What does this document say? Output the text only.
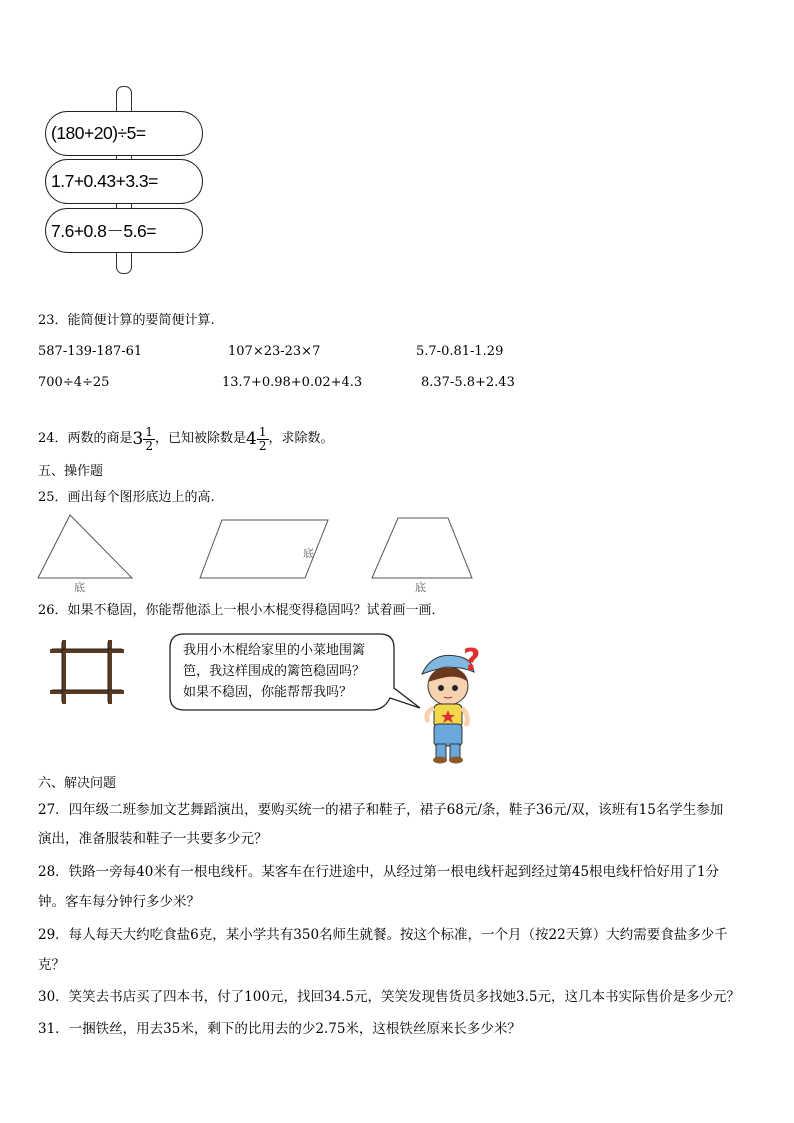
(180+20)÷5=
1.7+0.43+3.3=
7.6+0.8－5.6=
23．能简便计算的要简便计算.
587-139-187-61	107×23-23×7	5.7-0.81-1.29
700÷4÷25	13.7+0.98+0.02+4.3	8.37-5.8+2.43
24．两数的商是$3 \frac{1}{2}$ ，已知被除数是$4 \frac{1}{2}$ ，求除数。
五、操作题
25．画出每个图形底边上的高.
底
底
底
26．如果不稳固，你能帮他添上一根小木棍变得稳固吗？试着画一画．
我用小木棍给家里的小菜地围篱
笆，我这样围成的篱笆稳固吗？
如果不稳固，你能帮帮我吗？
?
六、解决问题
27．四年级二班参加文艺舞蹈演出，要购买统一的裙子和鞋子，裙子68元/条，鞋子36元/双，该班有15名学生参加
演出，准备服装和鞋子一共要多少元？
28．铁路一旁每40米有一根电线杆。某客车在行进途中，从经过第一根电线杆起到经过第45根电线杆恰好用了1分
钟。客车每分钟行多少米？
29．每人每天大约吃食盐6克，某小学共有350名师生就餐。按这个标准，一个月（按22天算）大约需要食盐多少千
克？
30．笑笑去书店买了四本书，付了100元，找回34.5元，笑笑发现售货员多找她3.5元，这几本书实际售价是多少元？
31．一捆铁丝，用去35米，剩下的比用去的少2.75米，这根铁丝原来长多少米？
